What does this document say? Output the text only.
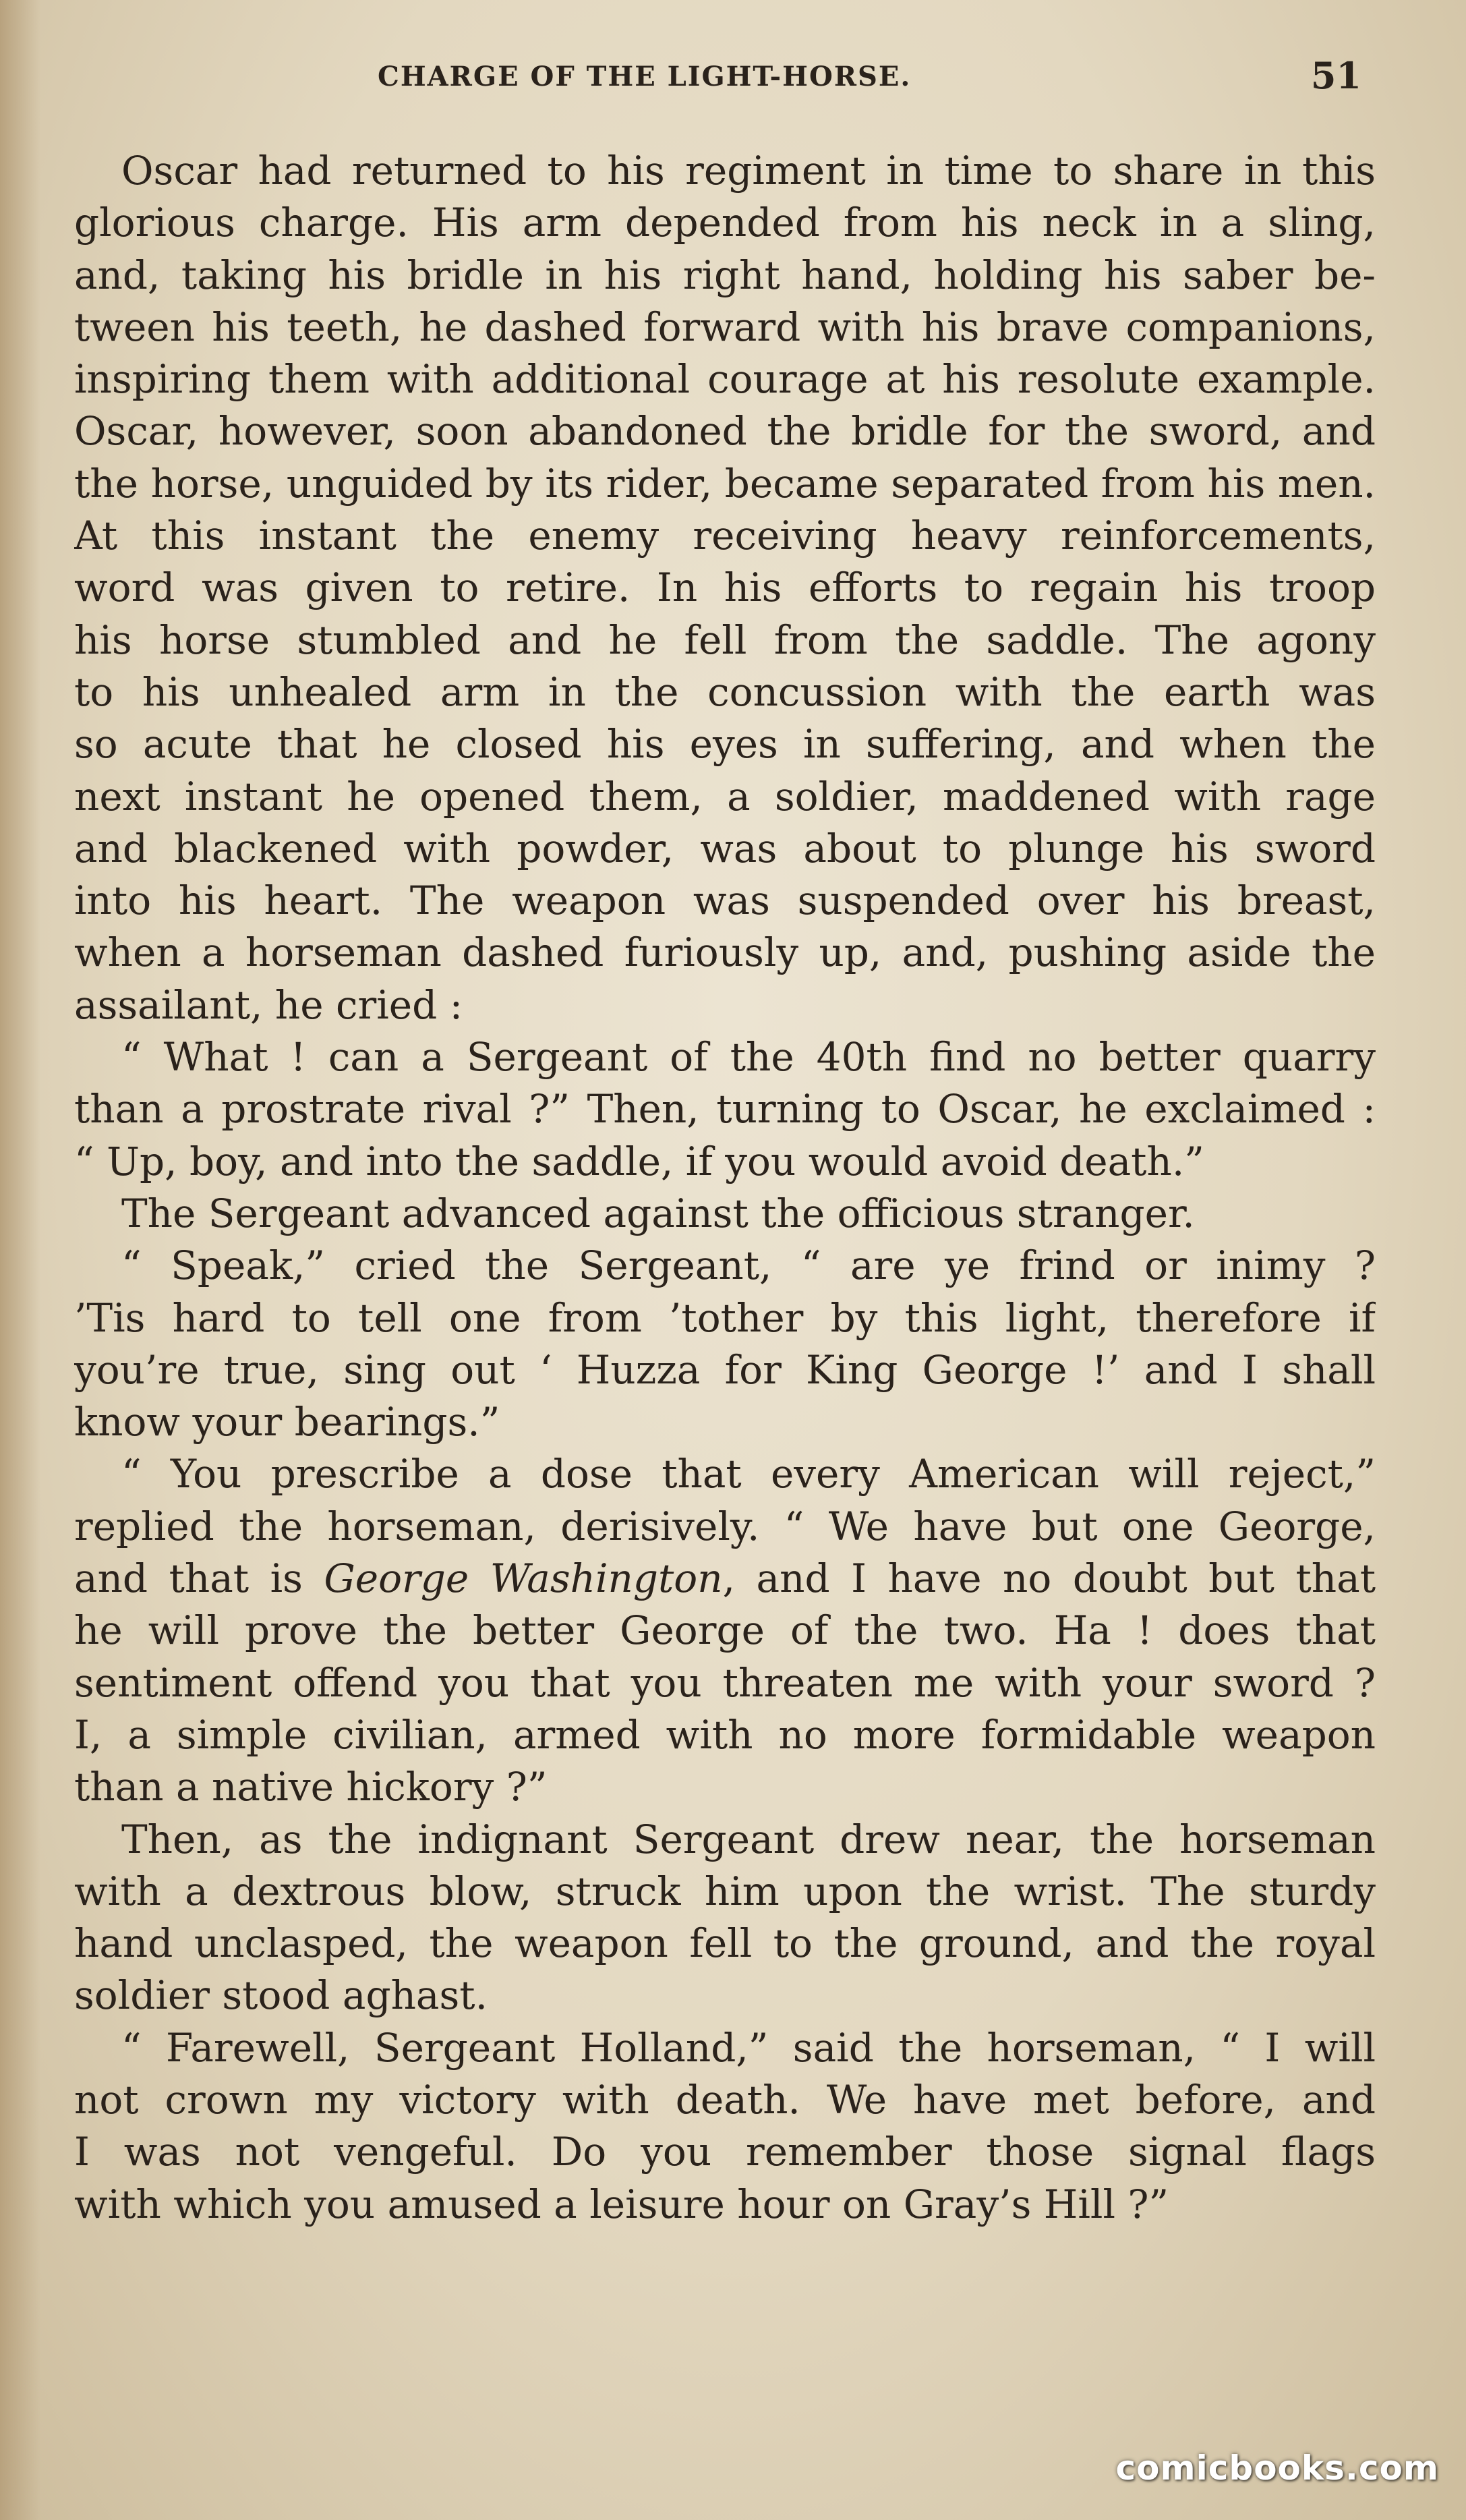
CHARGE OF THE LIGHT-HORSE.	51
Oscar had returned to his regiment in time to share in this
glorious charge. His arm depended from his neck in a sling,
and, taking his bridle in his right hand, holding his saber be-
tween his teeth, he dashed forward with his brave companions,
inspiring them with additional courage at his resolute example.
Oscar, however, soon abandoned the bridle for the sword, and
the horse, unguided by its rider, became separated from his men.
At this instant the enemy receiving heavy reinforcements,
word was given to retire. In his efforts to regain his troop
his horse stumbled and he fell from the saddle. The agony
to his unhealed arm in the concussion with the earth was
so acute that he closed his eyes in suffering, and when the
next instant he opened them, a soldier, maddened with rage
and blackened with powder, was about to plunge his sword
into his heart. The weapon was suspended over his breast,
when a horseman dashed furiously up, and, pushing aside the
assailant, he cried :
“ What ! can a Sergeant of the 40th find no better quarry
than a prostrate rival ?” Then, turning to Oscar, he exclaimed :
“ Up, boy, and into the saddle, if you would avoid death.”
The Sergeant advanced against the officious stranger.
“ Speak,” cried the Sergeant, “ are ye frind or inimy ?
’Tis hard to tell one from ’tother by this light, therefore if
you’re true, sing out ‘ Huzza for King George !’ and I shall
know your bearings.”
“ You prescribe a dose that every American will reject,”
replied the horseman, derisively. “ We have but one George,
and that is George Washington, and I have no doubt but that
he will prove the better George of the two. Ha ! does that
sentiment offend you that you threaten me with your sword ?
I, a simple civilian, armed with no more formidable weapon
than a native hickory ?”
Then, as the indignant Sergeant drew near, the horseman
with a dextrous blow, struck him upon the wrist. The sturdy
hand unclasped, the weapon fell to the ground, and the royal
soldier stood aghast.
“ Farewell, Sergeant Holland,” said the horseman, “ I will
not crown my victory with death. We have met before, and
I was not vengeful. Do you remember those signal flags
with which you amused a leisure hour on Gray’s Hill ?”
comicbooks.com
